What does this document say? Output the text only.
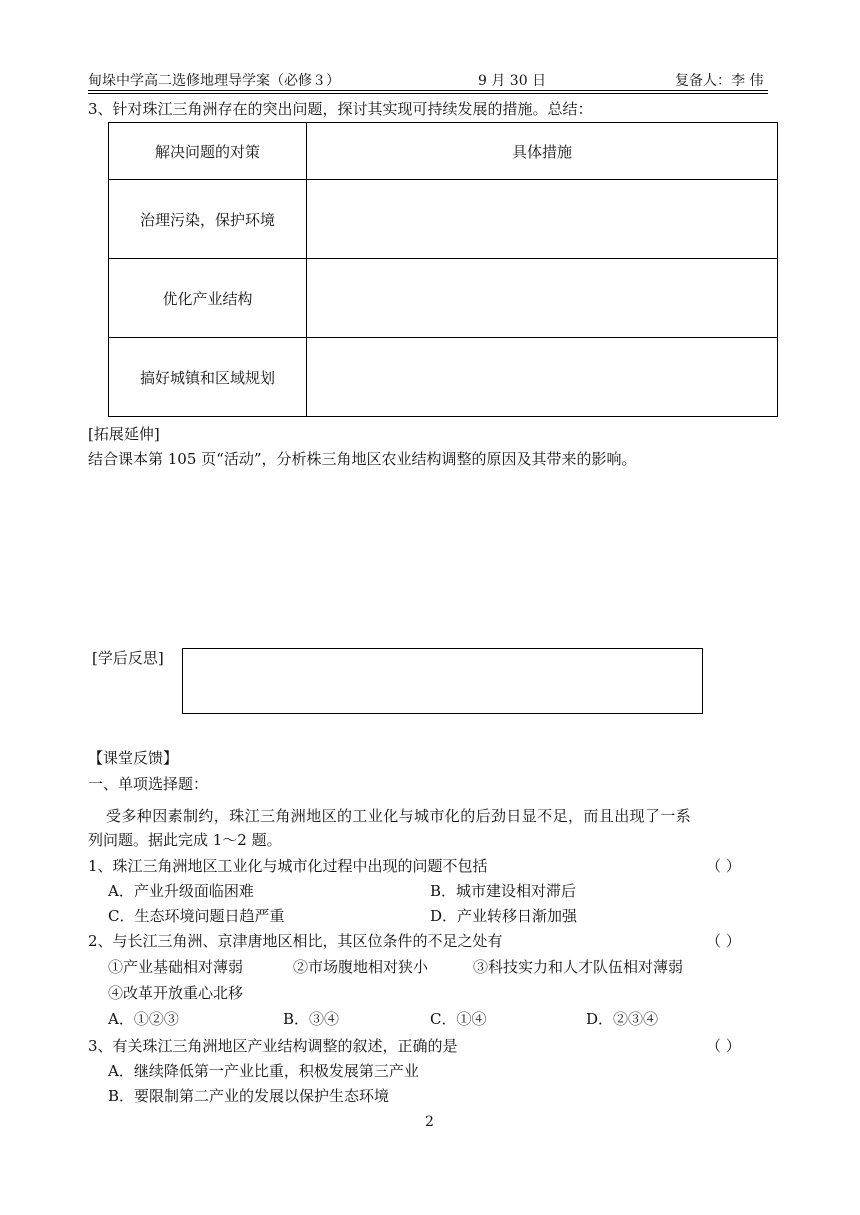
甸垛中学高二选修地理导学案（必修３）	9 月 30 日	复备人：李 伟
3、针对珠江三角洲存在的突出问题，探讨其实现可持续发展的措施。总结：
解决问题的对策	具体措施
治理污染，保护环境	
优化产业结构	
搞好城镇和区域规划	
[拓展延伸]
结合课本第 105 页“活动”，分析株三角地区农业结构调整的原因及其带来的影响。
[学后反思]
【课堂反馈】
一、单项选择题：
受多种因素制约，珠江三角洲地区的工业化与城市化的后劲日显不足，而且出现了一系
列问题。据此完成 1～2 题。
1、珠江三角洲地区工业化与城市化过程中出现的问题不包括	（ ）
A．产业升级面临困难	B．城市建设相对滞后
C．生态环境问题日趋严重	D．产业转移日渐加强
2、与长江三角洲、京津唐地区相比，其区位条件的不足之处有	（ ）
①产业基础相对薄弱	②市场腹地相对狭小	③科技实力和人才队伍相对薄弱
④改革开放重心北移
A．①②③	B．③④	C．①④	D．②③④
3、有关珠江三角洲地区产业结构调整的叙述，正确的是	（ ）
A．继续降低第一产业比重，积极发展第三产业
B．要限制第二产业的发展以保护生态环境
2
